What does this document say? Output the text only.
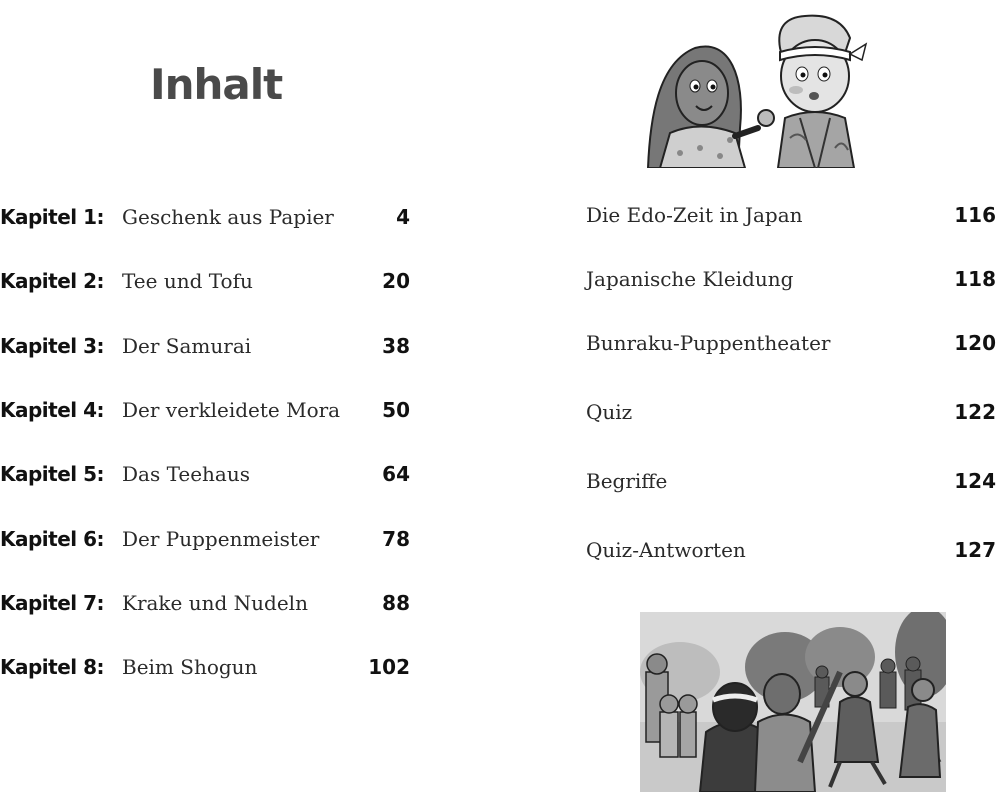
Inhalt
Kapitel 1: Geschenk aus Papier	4
Kapitel 2: Tee und Tofu	20
Kapitel 3: Der Samurai	38
Kapitel 4: Der verkleidete Mora	50
Kapitel 5: Das Teehaus	64
Kapitel 6: Der Puppenmeister	78
Kapitel 7: Krake und Nudeln	88
Kapitel 8: Beim Shogun	102
Die Edo-Zeit in Japan	116
Japanische Kleidung	118
Bunraku-Puppentheater	120
Quiz	122
Begriffe	124
Quiz-Antworten	127
